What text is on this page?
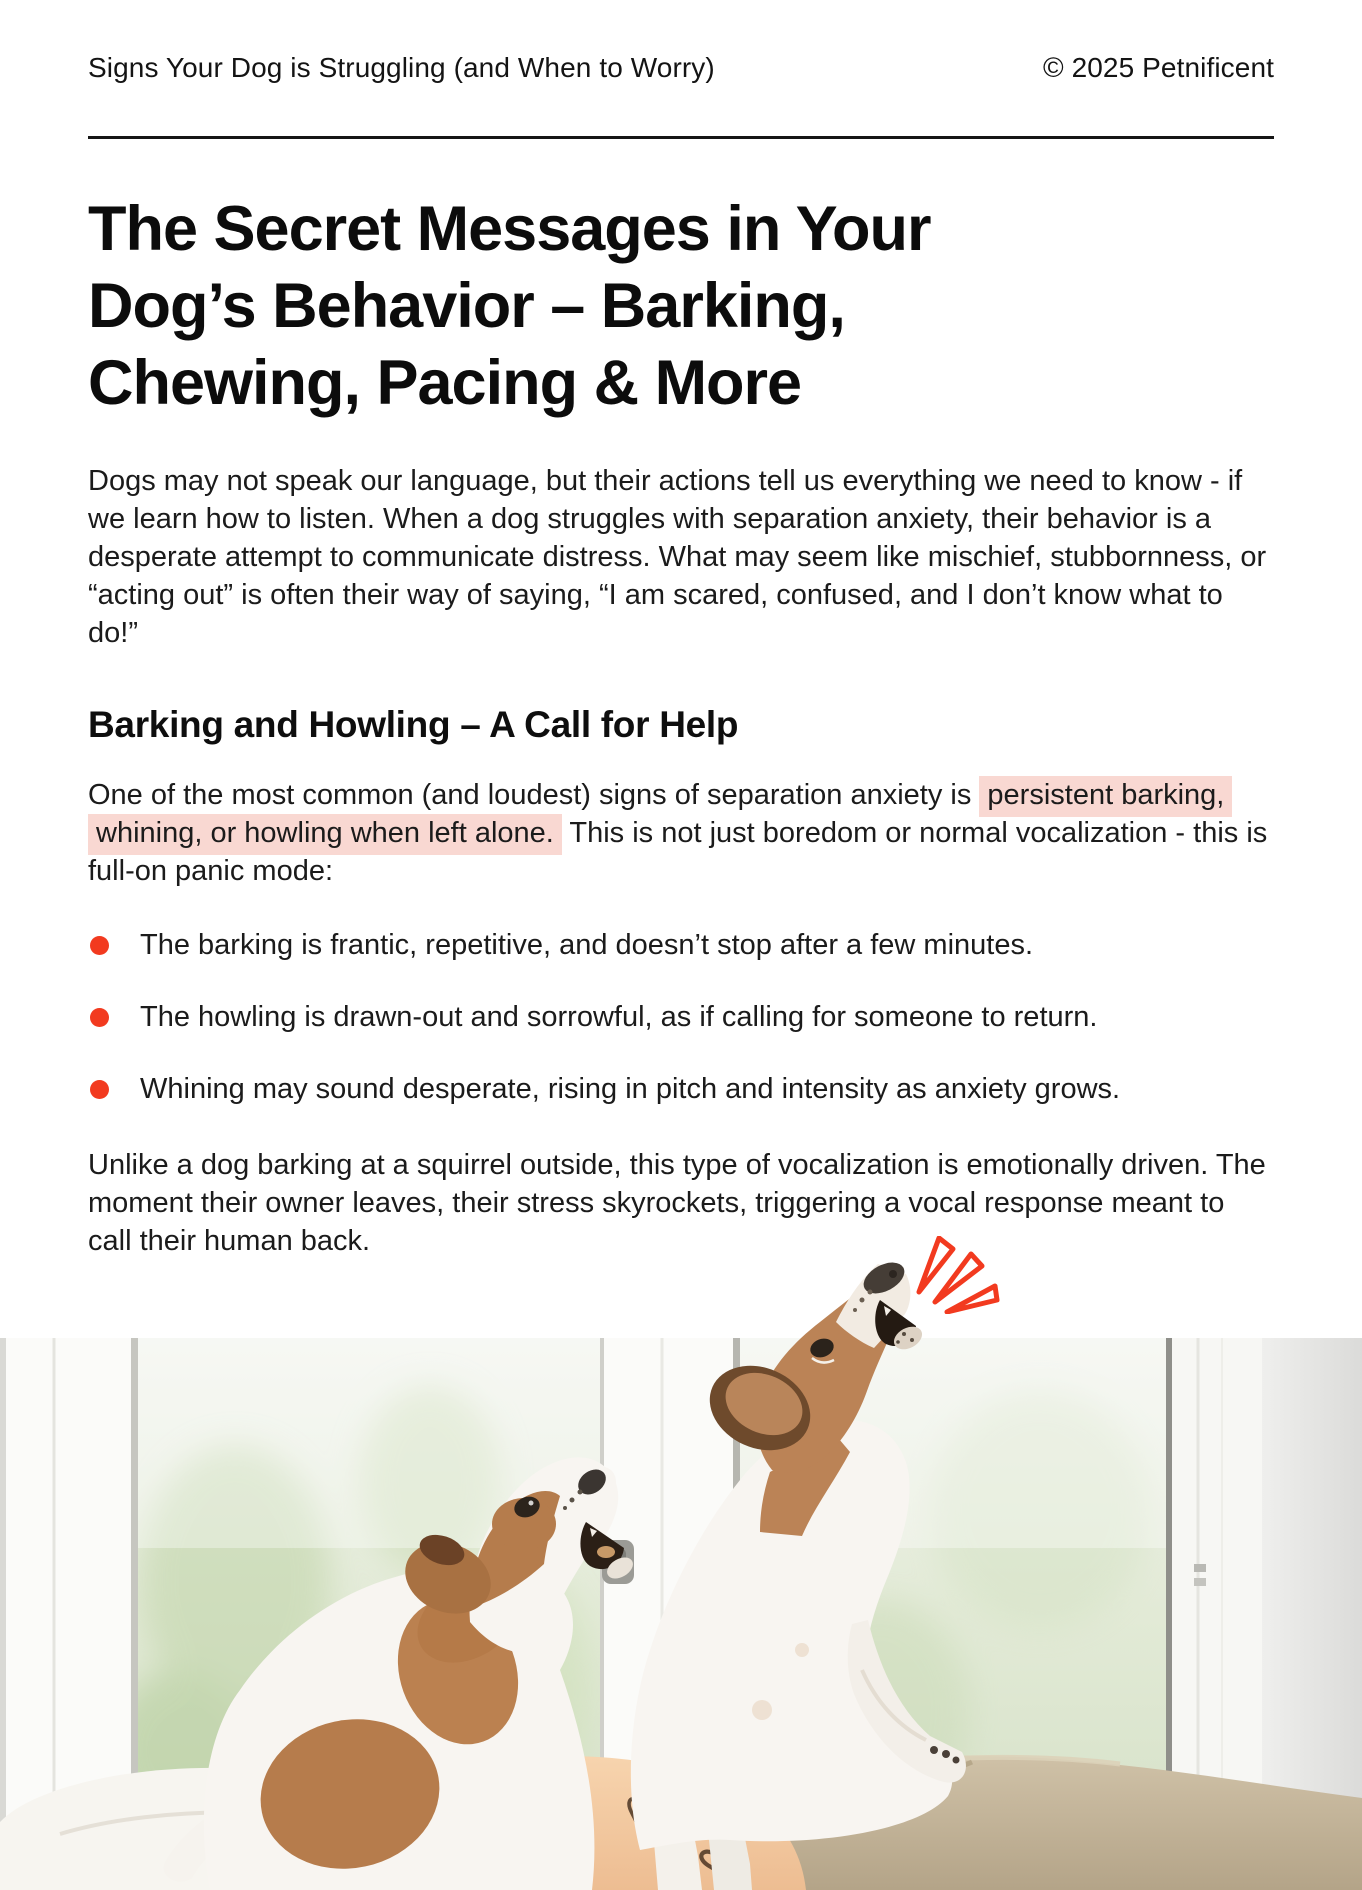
Signs Your Dog is Struggling (and When to Worry)	© 2025 Petnificent
The Secret Messages in Your
Dog’s Behavior – Barking,
Chewing, Pacing & More

Dogs may not speak our language, but their actions tell us everything we need to know - if we learn how to listen. When a dog struggles with separation anxiety, their behavior is a desperate attempt to communicate distress. What may seem like mischief, stubbornness, or “acting out” is often their way of saying, “I am scared, confused, and I don’t know what to do!”

Barking and Howling – A Call for Help

One of the most common (and loudest) signs of separation anxiety is persistent barking, whining, or howling when left alone. This is not just boredom or normal vocalization - this is full-on panic mode:

The barking is frantic, repetitive, and doesn’t stop after a few minutes.
The howling is drawn-out and sorrowful, as if calling for someone to return.
Whining may sound desperate, rising in pitch and intensity as anxiety grows.

Unlike a dog barking at a squirrel outside, this type of vocalization is emotionally driven. The moment their owner leaves, their stress skyrockets, triggering a vocal response meant to call their human back.
